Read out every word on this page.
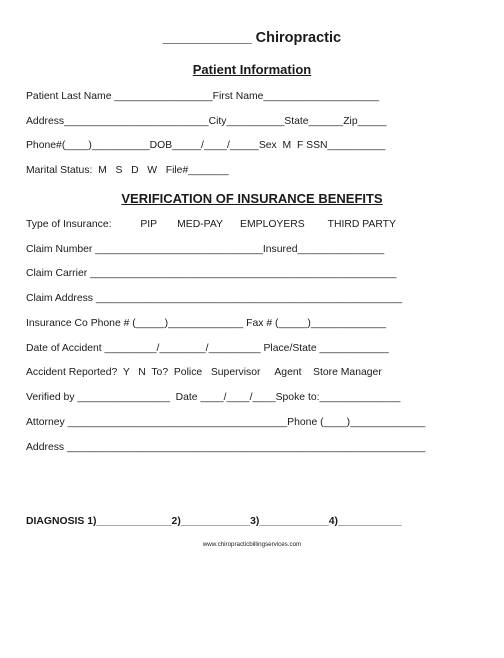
___________ Chiropractic
Patient Information
Patient Last Name _________________First Name____________________
Address_________________________City__________State______Zip_____
Phone#(____)__________DOB_____/____/_____Sex  M  F SSN__________
Marital Status:  M   S   D   W   File#_______
VERIFICATION OF INSURANCE BENEFITS
Type of Insurance:          PIP       MED-PAY      EMPLOYERS        THIRD PARTY
Claim Number _____________________________Insured_______________
Claim Carrier _____________________________________________________
Claim Address _____________________________________________________
Insurance Co Phone # (_____)_____________ Fax # (_____)_____________
Date of Accident _________/________/_________ Place/State ____________
Accident Reported?  Y   N  To?  Police   Supervisor     Agent    Store Manager
Verified by ________________  Date ____/____/____Spoke to:______________
Attorney ______________________________________Phone (____)_____________
Address ______________________________________________________________
DIAGNOSIS 1)_____________2)____________3)____________4)___________
www.chiropracticbillingservices.com
